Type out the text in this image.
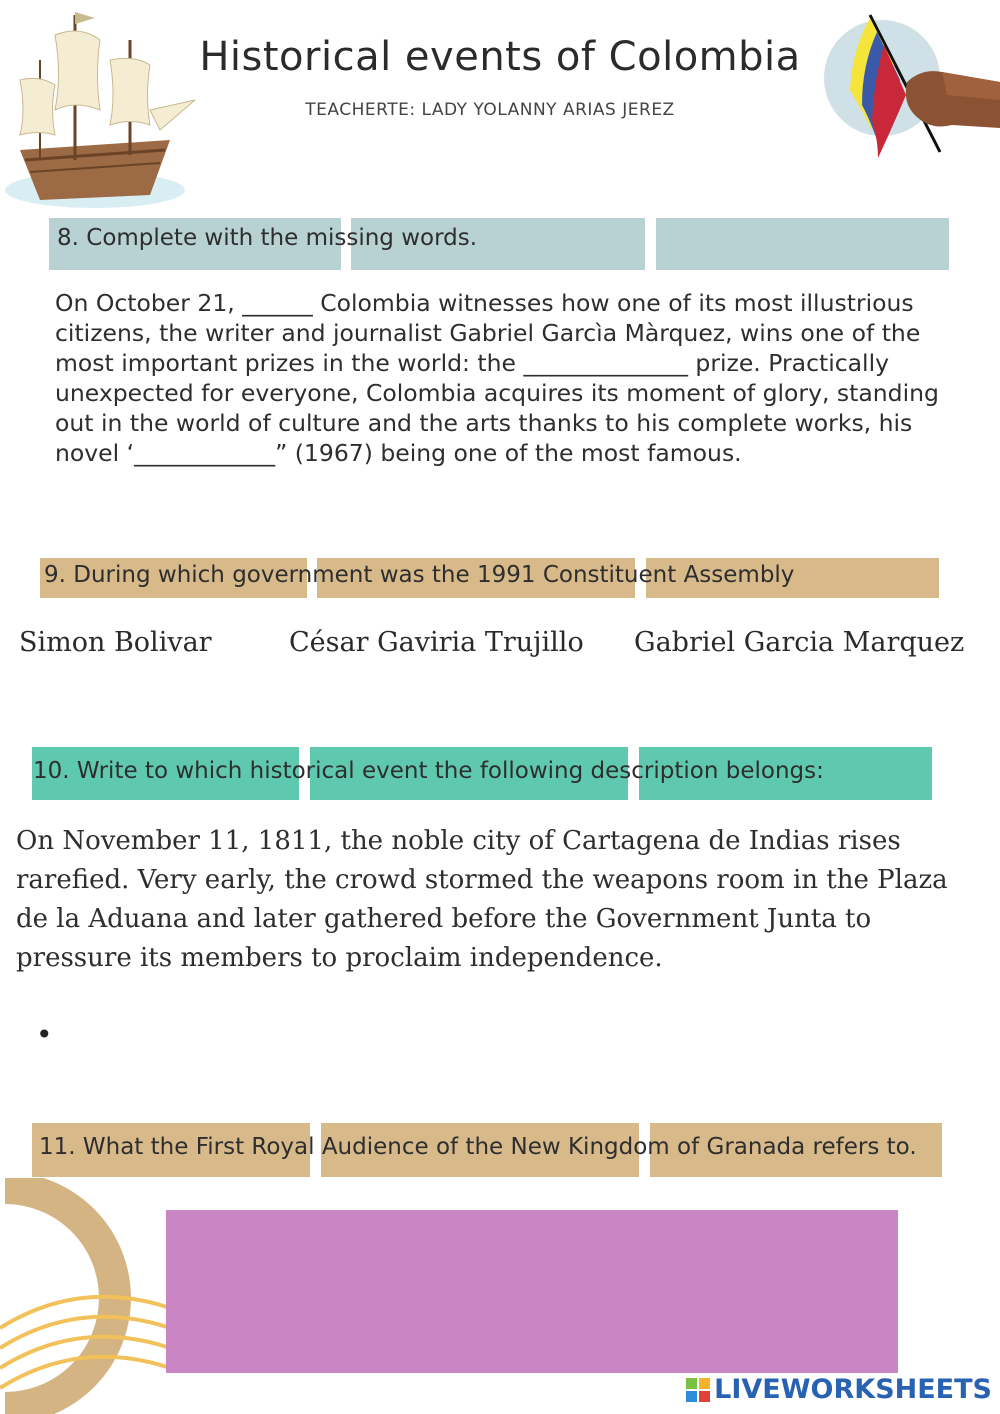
Historical events of Colombia
TEACHERTE: LADY YOLANNY ARIAS JEREZ
8. Complete with the missing words.
On October 21, ______ Colombia witnesses how one of its most illustrious citizens, the writer and journalist Gabriel Garcìa Màrquez, wins one of the most important prizes in the world: the ______________ prize. Practically unexpected for everyone, Colombia acquires its moment of glory, standing out in the world of culture and the arts thanks to his complete works, his novel ‘____________” (1967) being one of the most famous.
9. During which government was the 1991 Constituent Assembly
Simon Bolivar	César Gaviria Trujillo Gabriel Garcia Marquez
10. Write to which historical event the following description belongs:
On November 11, 1811, the noble city of Cartagena de Indias rises rarefied. Very early, the crowd stormed the weapons room in the Plaza de la Aduana and later gathered before the Government Junta to pressure its members to proclaim independence.
•
11. What the First Royal Audience of the New Kingdom of Granada refers to.
LIVEWORKSHEETS
